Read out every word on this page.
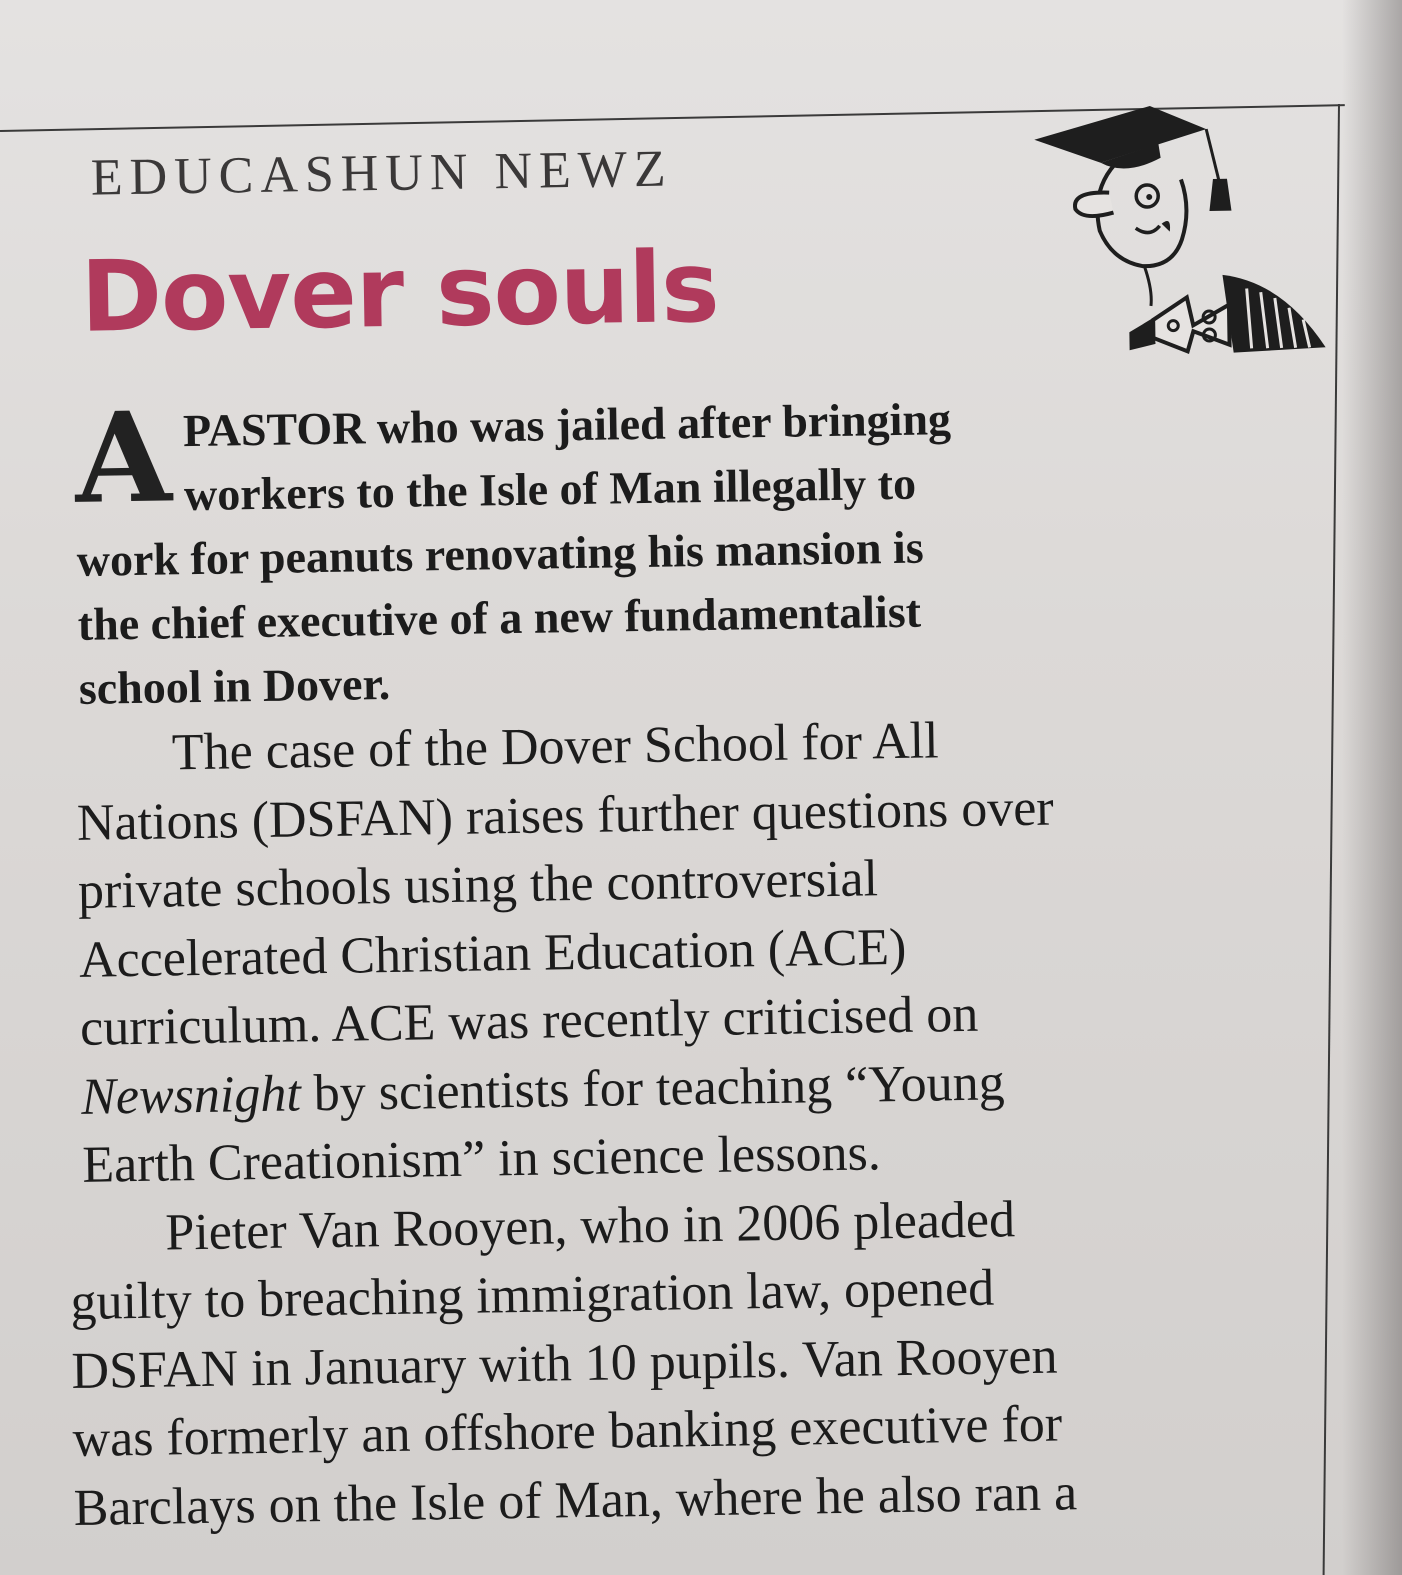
EDUCASHUN NEWZ
Dover souls

A PASTOR who was jailed after bringing
workers to the Isle of Man illegally to
work for peanuts renovating his mansion is
the chief executive of a new fundamentalist
school in Dover.

The case of the Dover School for All
Nations (DSFAN) raises further questions over
private schools using the controversial
Accelerated Christian Education (ACE)
curriculum. ACE was recently criticised on
Newsnight by scientists for teaching “Young
Earth Creationism” in science lessons.

Pieter Van Rooyen, who in 2006 pleaded
guilty to breaching immigration law, opened
DSFAN in January with 10 pupils. Van Rooyen
was formerly an offshore banking executive for
Barclays on the Isle of Man, where he also ran a
